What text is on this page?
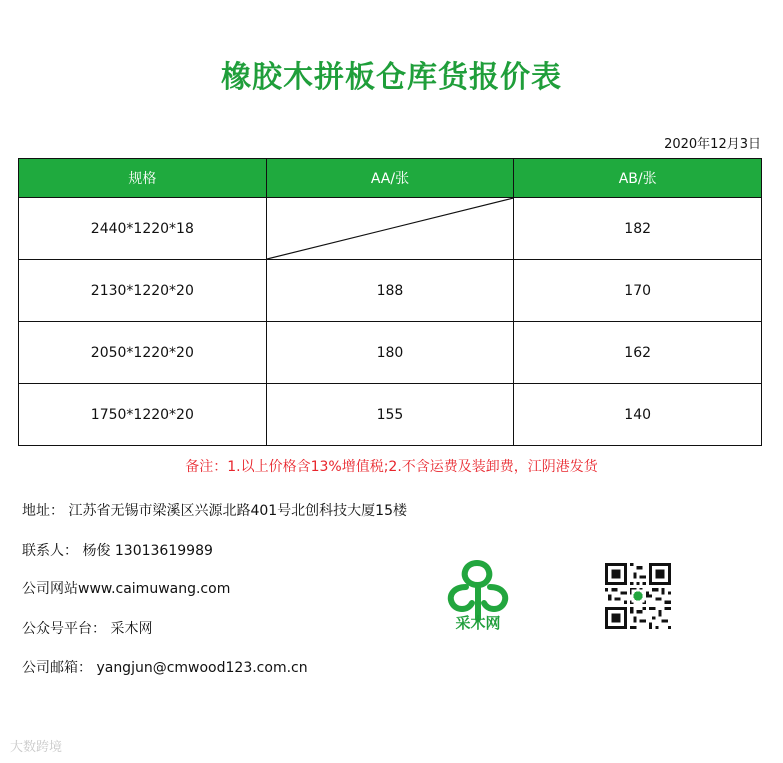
橡胶木拼板仓库货报价表
2020年12月3日
规格	AA/张	AB/张
2440*1220*18		182
2130*1220*20	188	170
2050*1220*20	180	162
1750*1220*20	155	140
备注：1.以上价格含13%增值税;2.不含运费及装卸费，江阴港发货
地址： 江苏省无锡市梁溪区兴源北路401号北创科技大厦15楼
联系人： 杨俊 13013619989
公司网站www.caimuwang.com
公众号平台： 采木网
公司邮箱： yangjun@cmwood123.com.cn
采木网
大数跨境
